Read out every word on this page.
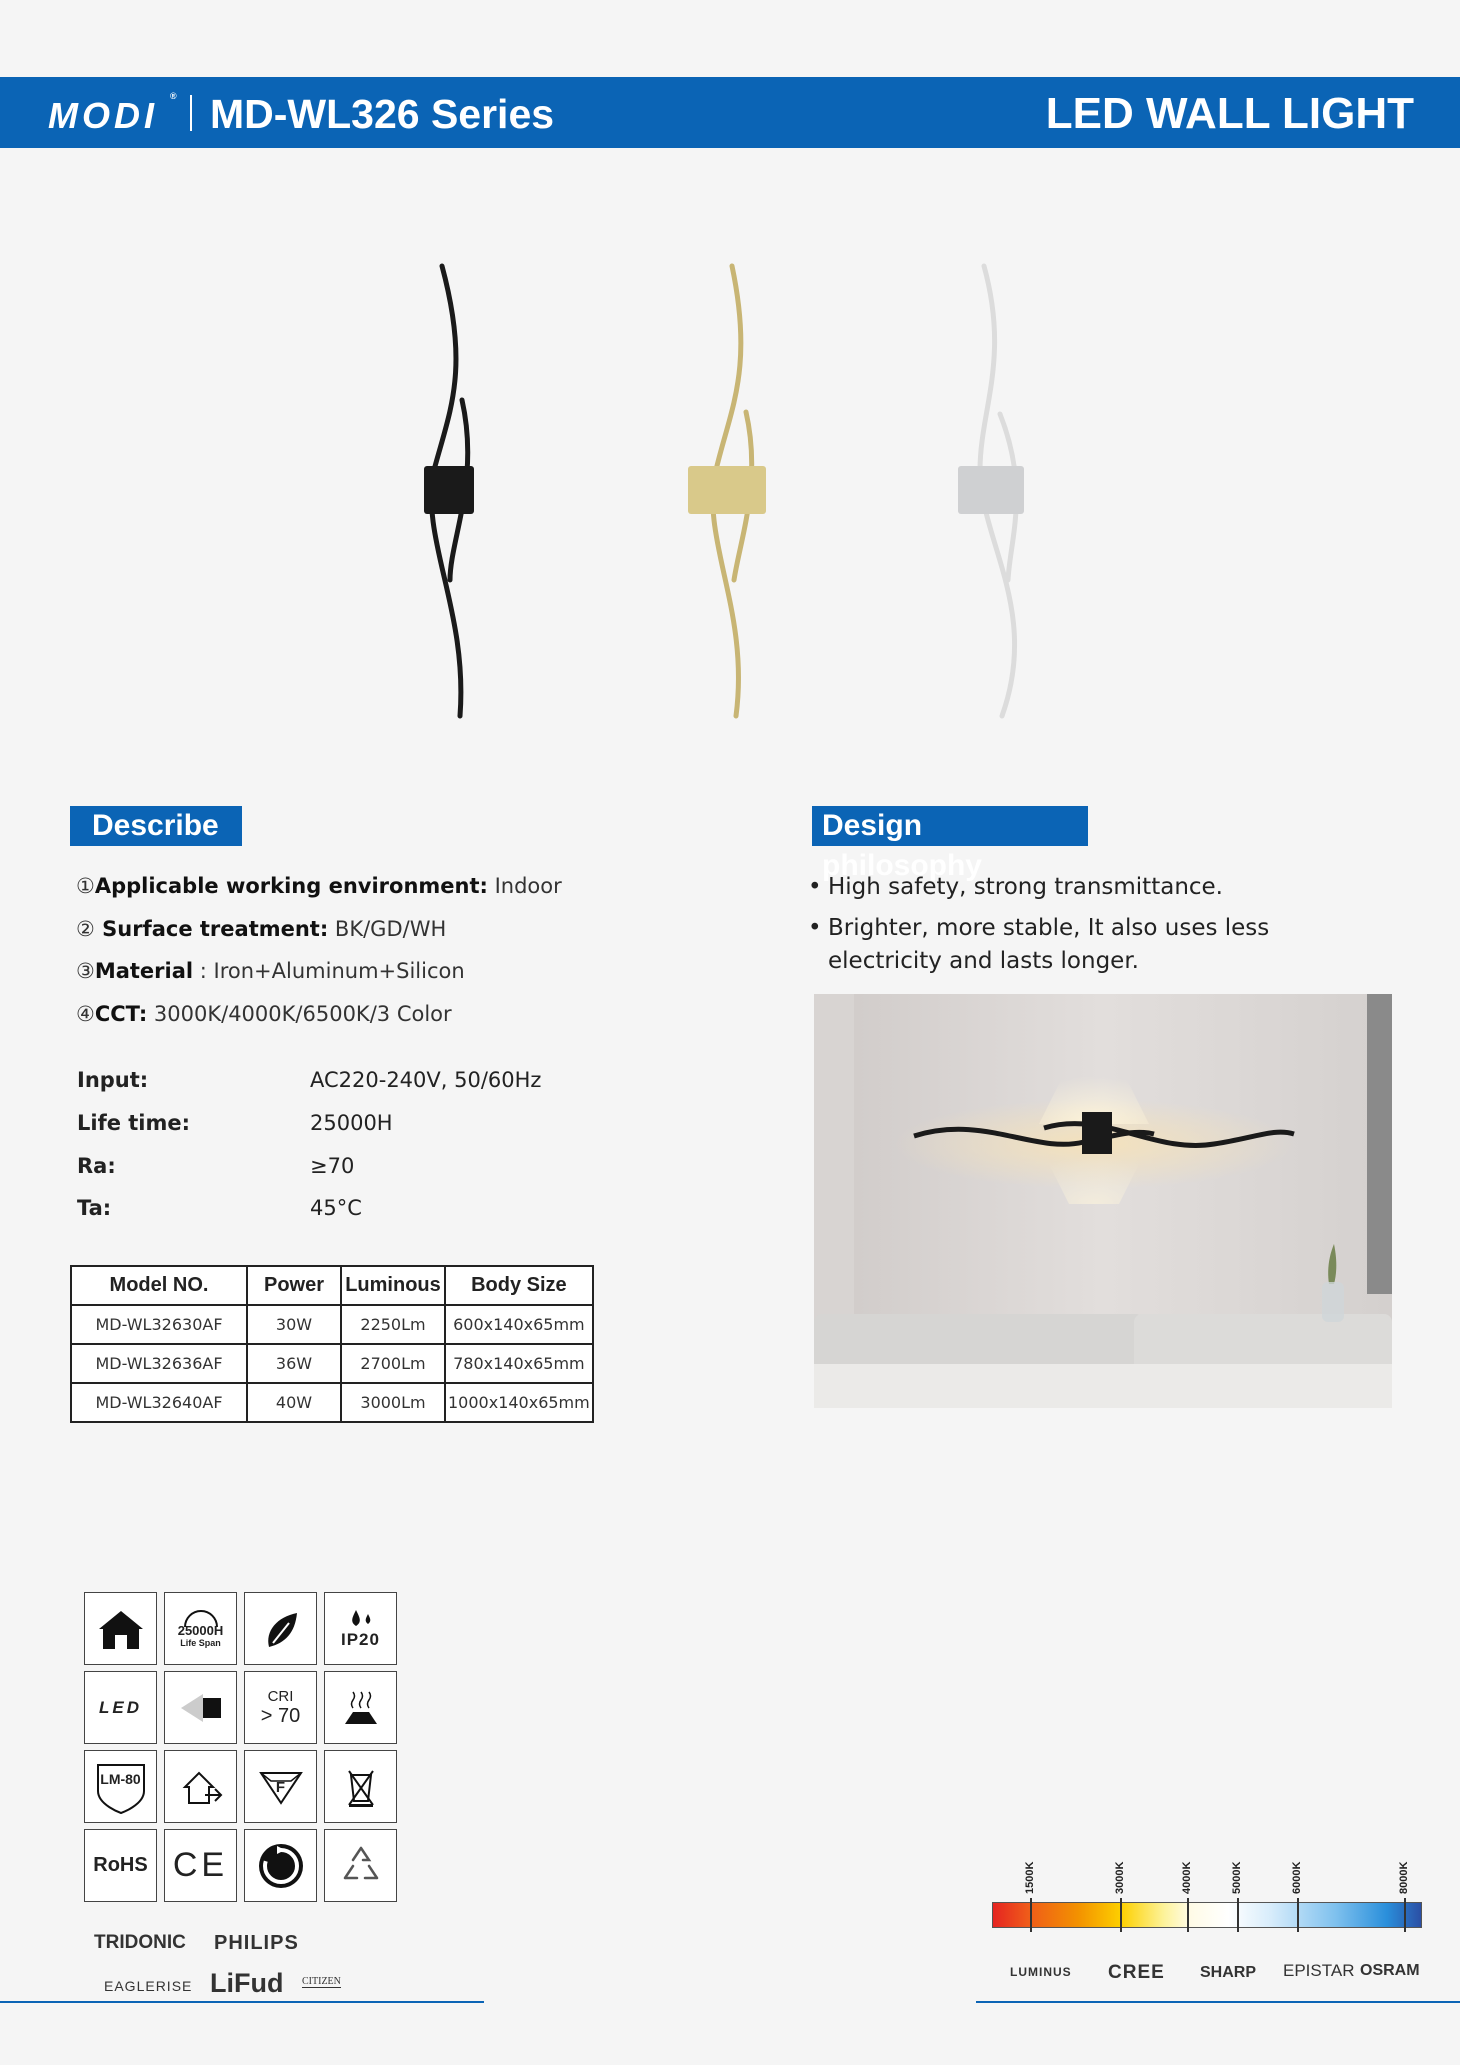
MODI ® MD-WL326 Series	LED WALL LIGHT
Describe
①Applicable working environment: Indoor
② Surface treatment: BK/GD/WH
③Material : Iron+Aluminum+Silicon
④CCT: 3000K/4000K/6500K/3 Color
Input:	AC220-240V, 50/60Hz
Life time:	25000H
Ra:	≥70
Ta:	45°C
Model NO.	Power	Luminous	Body Size
MD-WL32630AF	30W	2250Lm	600x140x65mm
MD-WL32636AF	36W	2700Lm	780x140x65mm
MD-WL32640AF	40W	3000Lm	1000x140x65mm
Design philosophy
• High safety, strong transmittance.
• Brighter, more stable, It also uses less electricity and lasts longer.
25000H
Life Span	IP20
LED
CRI
> 70
LM-80
F
RoHS CE
TRIDONIC PHILIPS
EAGLERISE LiFud CITIZEN
1500K	3000K	4000K	5000K	6000K	8000K
LUMINUS CREE SHARP EPISTAR OSRAM
